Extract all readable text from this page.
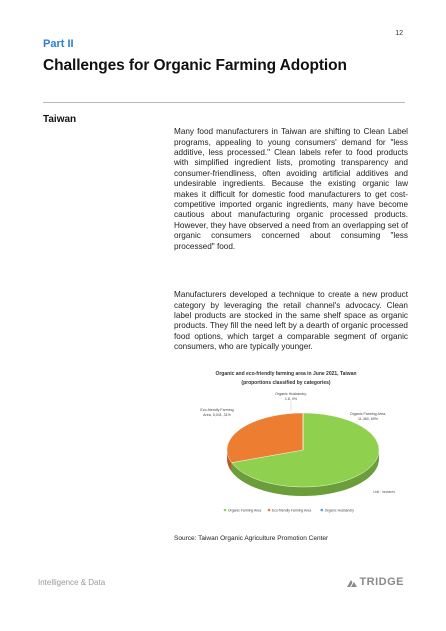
12
Part II
Challenges for Organic Farming Adoption
Taiwan

Many food manufacturers in Taiwan are shifting to Clean Label programs, appealing to young consumers' demand for "less additive, less processed." Clean labels refer to food products with simplified ingredient lists, promoting transparency and consumer-friendliness, often avoiding artificial additives and undesirable ingredients. Because the existing organic law makes it difficult for domestic food manufacturers to get cost-competitive imported organic ingredients, many have become cautious about manufacturing organic processed products. However, they have observed a need from an overlapping set of organic consumers concerned about consuming "less processed" food.

Manufacturers developed a technique to create a new product category by leveraging the retail channel's advocacy. Clean label products are stocked in the same shelf space as organic products. They fill the need left by a dearth of organic processed food options, which target a comparable segment of organic consumers, who are typically younger.

Organic and eco-friendly farming area in June 2021, Taiwan
(proportions classified by categories)
Organic Farming Area,
11,460, 69%
Eco-friendly Farming
Area, 5,041, 31%
Organic Husbandry,
1.8, 0%
Unit : hectares
Organic Farming Area	Eco-friendly Farming Area	Organic Husbandry
Source: Taiwan Organic Agriculture Promotion Center
Intelligence & Data	TRIDGE
